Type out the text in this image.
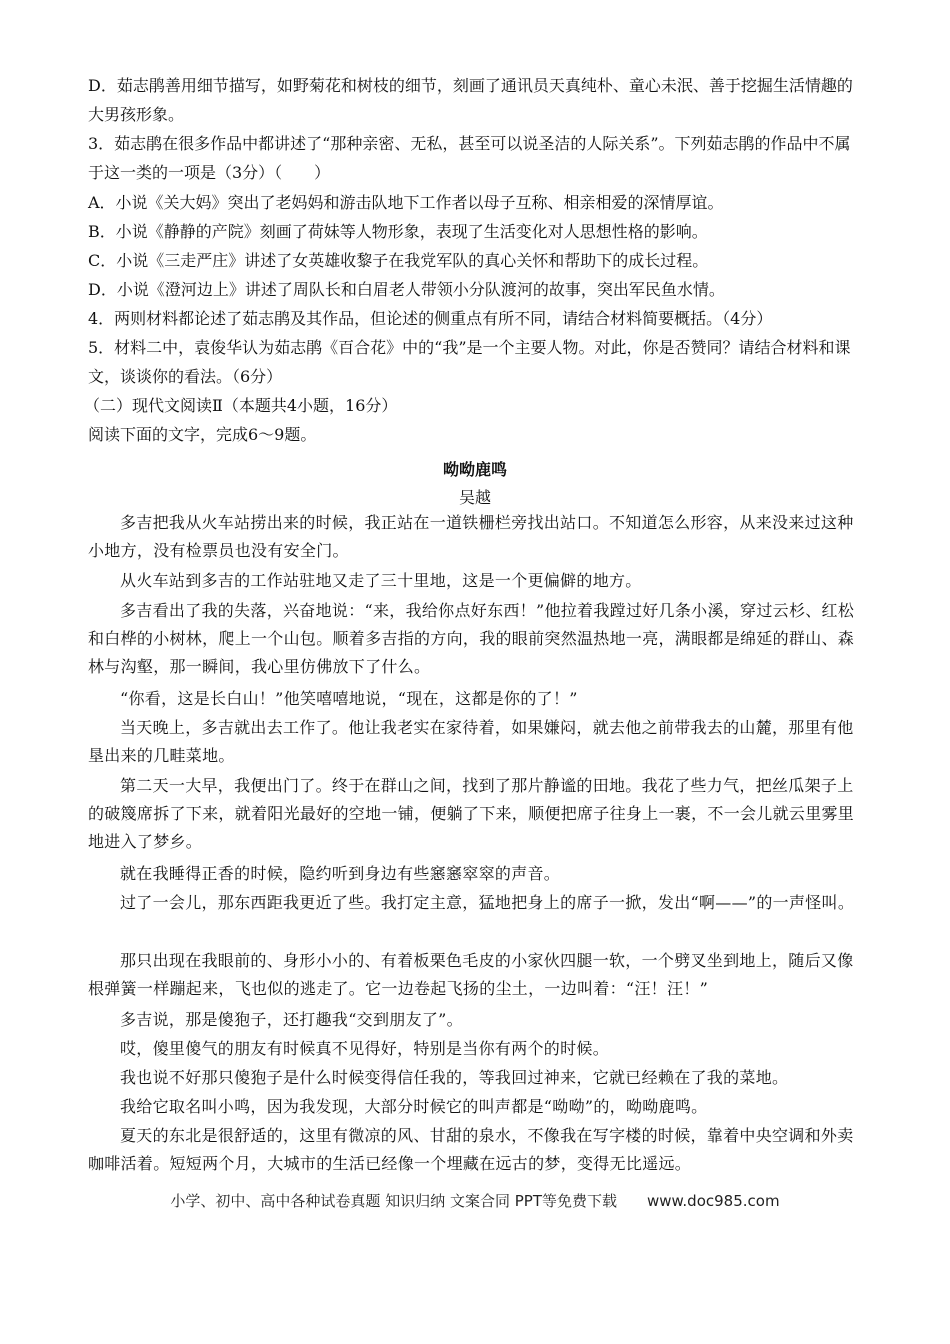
D．茹志鹃善用细节描写，如野菊花和树枝的细节，刻画了通讯员天真纯朴、童心未泯、善于挖掘生活情趣的大男孩形象。

3．茹志鹃在很多作品中都讲述了“那种亲密、无私，甚至可以说圣洁的人际关系”。下列茹志鹃的作品中不属于这一类的一项是（3分）（　　）

A．小说《关大妈》突出了老妈妈和游击队地下工作者以母子互称、相亲相爱的深情厚谊。

B．小说《静静的产院》刻画了荷妹等人物形象，表现了生活变化对人思想性格的影响。

C．小说《三走严庄》讲述了女英雄收黎子在我党军队的真心关怀和帮助下的成长过程。

D．小说《澄河边上》讲述了周队长和白眉老人带领小分队渡河的故事，突出军民鱼水情。

4．两则材料都论述了茹志鹃及其作品，但论述的侧重点有所不同，请结合材料简要概括。（4分）

5．材料二中，袁俊华认为茹志鹃《百合花》中的“我”是一个主要人物。对此，你是否赞同？请结合材料和课文，谈谈你的看法。（6分）

（二）现代文阅读Ⅱ（本题共4小题，16分）

阅读下面的文字，完成6～9题。

呦呦鹿鸣

吴越

多吉把我从火车站捞出来的时候，我正站在一道铁栅栏旁找出站口。不知道怎么形容，从来没来过这种小地方，没有检票员也没有安全门。

从火车站到多吉的工作站驻地又走了三十里地，这是一个更偏僻的地方。

多吉看出了我的失落，兴奋地说：“来，我给你点好东西！”他拉着我蹚过好几条小溪，穿过云杉、红松和白桦的小树林，爬上一个山包。顺着多吉指的方向，我的眼前突然温热地一亮，满眼都是绵延的群山、森林与沟壑，那一瞬间，我心里仿佛放下了什么。

“你看，这是长白山！”他笑嘻嘻地说，“现在，这都是你的了！”

当天晚上，多吉就出去工作了。他让我老实在家待着，如果嫌闷，就去他之前带我去的山麓，那里有他垦出来的几畦菜地。

第二天一大早，我便出门了。终于在群山之间，找到了那片静谧的田地。我花了些力气，把丝瓜架子上的破篾席拆了下来，就着阳光最好的空地一铺，便躺了下来，顺便把席子往身上一裹，不一会儿就云里雾里地进入了梦乡。

就在我睡得正香的时候，隐约听到身边有些窸窸窣窣的声音。

过了一会儿，那东西距我更近了些。我打定主意，猛地把身上的席子一掀，发出“啊——”的一声怪叫。

那只出现在我眼前的、身形小小的、有着板栗色毛皮的小家伙四腿一软，一个劈叉坐到地上，随后又像根弹簧一样蹦起来，飞也似的逃走了。它一边卷起飞扬的尘土，一边叫着：“汪！汪！”

多吉说，那是傻狍子，还打趣我“交到朋友了”。

哎，傻里傻气的朋友有时候真不见得好，特别是当你有两个的时候。

我也说不好那只傻狍子是什么时候变得信任我的，等我回过神来，它就已经赖在了我的菜地。

我给它取名叫小鸣，因为我发现，大部分时候它的叫声都是“呦呦”的，呦呦鹿鸣。

夏天的东北是很舒适的，这里有微凉的风、甘甜的泉水，不像我在写字楼的时候，靠着中央空调和外卖咖啡活着。短短两个月，大城市的生活已经像一个埋藏在远古的梦，变得无比遥远。

小学、初中、高中各种试卷真题 知识归纳 文案合同 PPT等免费下载 www.doc985.com
